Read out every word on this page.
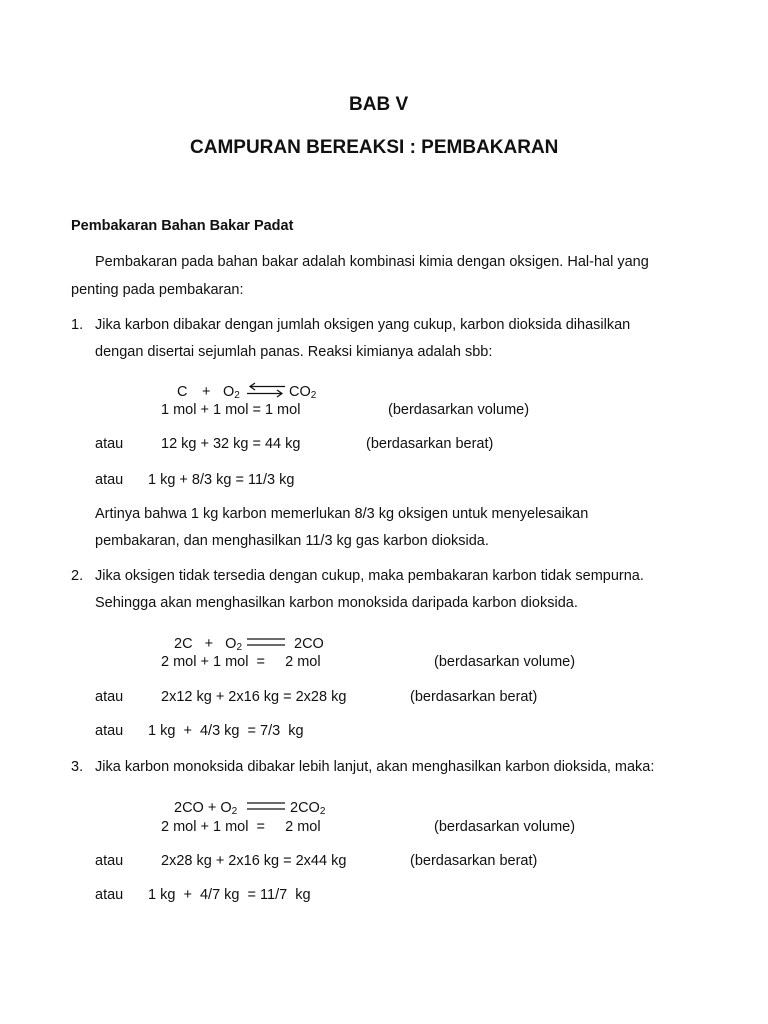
BAB V
CAMPURAN BEREAKSI : PEMBAKARAN
Pembakaran Bahan Bakar Padat
Pembakaran pada bahan bakar adalah kombinasi kimia dengan oksigen. Hal-hal yang
penting pada pembakaran:
1. Jika karbon dibakar dengan jumlah oksigen yang cukup, karbon dioksida dihasilkan
dengan disertai sejumlah panas. Reaksi kimianya adalah sbb:
$C + O_2$ ⇌ $CO_2$
1 mol + 1 mol = 1 mol	(berdasarkan volume)
atau	12 kg + 32 kg = 44 kg	(berdasarkan berat)
atau 1 kg + 8/3 kg = 11/3 kg
Artinya bahwa 1 kg karbon memerlukan 8/3 kg oksigen untuk menyelesaikan
pembakaran, dan menghasilkan 11/3 kg gas karbon dioksida.
2. Jika oksigen tidak tersedia dengan cukup, maka pembakaran karbon tidak sempurna.
Sehingga akan menghasilkan karbon monoksida daripada karbon dioksida.
$2C + O_2$	2CO
2 mol + 1 mol  =     2 mol	(berdasarkan volume)
atau	2x12 kg + 2x16 kg = 2x28 kg	(berdasarkan berat)
atau 1 kg  +  4/3 kg  = 7/3  kg
3. Jika karbon monoksida dibakar lebih lanjut, akan menghasilkan karbon dioksida, maka:
$2CO + O_2$	$2CO_2$
2 mol + 1 mol  =     2 mol	(berdasarkan volume)
atau	2x28 kg + 2x16 kg = 2x44 kg	(berdasarkan berat)
atau 1 kg  +  4/7 kg  = 11/7  kg
